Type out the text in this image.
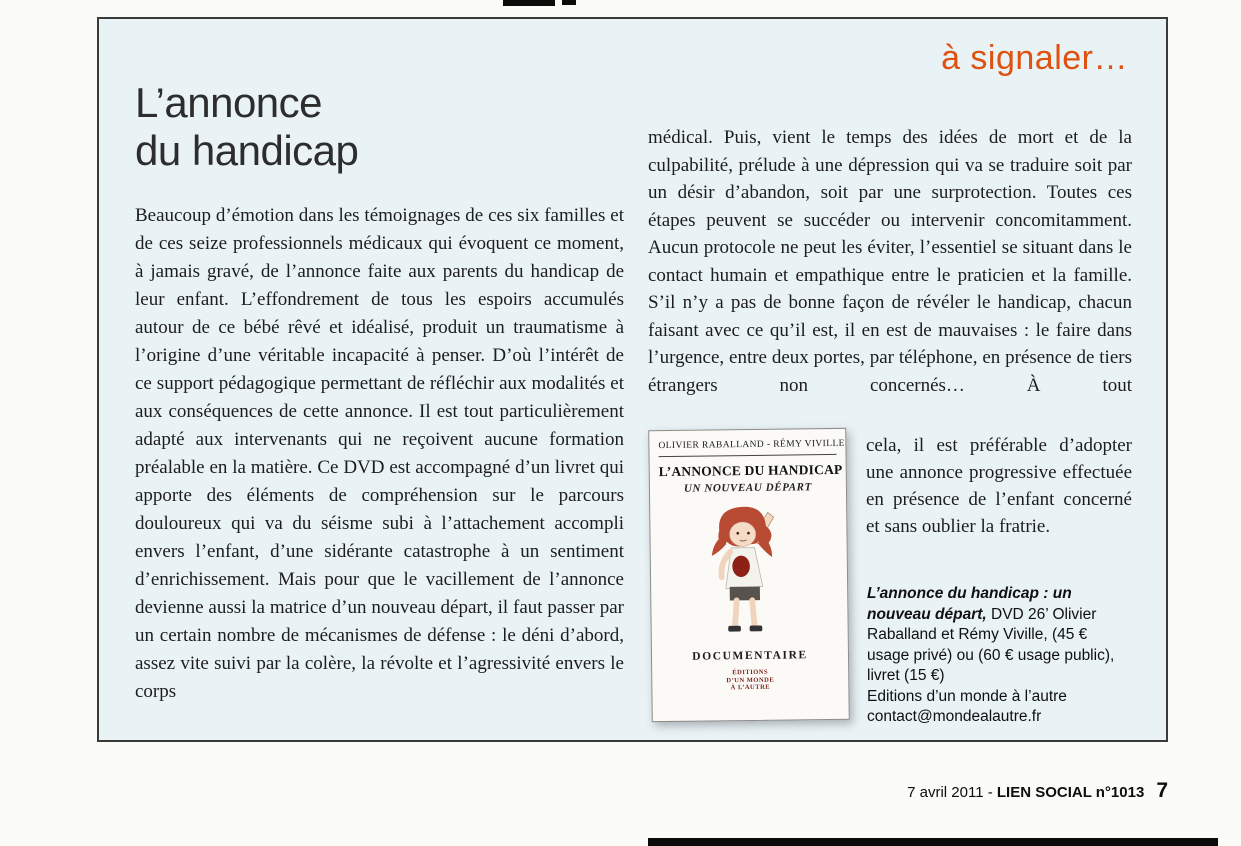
à signaler…
L’annonce
du handicap

Beaucoup d’émotion dans les témoignages de ces six familles et de ces seize professionnels médicaux qui évoquent ce moment, à jamais gravé, de l’annonce faite aux parents du handicap de leur enfant. L’effondrement de tous les espoirs accumulés autour de ce bébé rêvé et idéalisé, produit un traumatisme à l’origine d’une véritable incapacité à penser. D’où l’intérêt de ce support pédagogique permettant de réfléchir aux modalités et aux conséquences de cette annonce. Il est tout particulièrement adapté aux intervenants qui ne reçoivent aucune formation préalable en la matière. Ce DVD est accompagné d’un livret qui apporte des éléments de compréhension sur le parcours douloureux qui va du séisme subi à l’attachement accompli envers l’enfant, d’une sidérante catastrophe à un sentiment d’enrichissement. Mais pour que le vacillement de l’annonce devienne aussi la matrice d’un nouveau départ, il faut passer par un certain nombre de mécanismes de défense : le déni d’abord, assez vite suivi par la colère, la révolte et l’agressivité envers le corps

médical. Puis, vient le temps des idées de mort et de la culpabilité, prélude à une dépression qui va se traduire soit par un désir d’abandon, soit par une surprotection. Toutes ces étapes peuvent se succéder ou intervenir concomitamment. Aucun protocole ne peut les éviter, l’essentiel se situant dans le contact humain et empathique entre le praticien et la famille. S’il n’y a pas de bonne façon de révéler le handicap, chacun faisant avec ce qu’il est, il en est de mauvaises : le faire dans l’urgence, entre deux portes, par téléphone, en présence de tiers étrangers non concernés… À tout

OLIVIER RABALLAND - RÉMY VIVILLE
L’ANNONCE DU HANDICAP
UN NOUVEAU DÉPART
DOCUMENTAIRE
ÉDITIONS
D’UN MONDE
À L’AUTRE

cela, il est préférable d’adopter une annonce progressive effectuée en présence de l’enfant concerné et sans oublier la fratrie.

L’annonce du handicap : un nouveau départ, DVD 26’ Olivier Raballand et Rémy Viville, (45 € usage privé) ou (60 € usage public), livret (15 €)
Editions d’un monde à l’autre
contact@mondealautre.fr
7 avril 2011 - LIEN SOCIAL n°1013 7
